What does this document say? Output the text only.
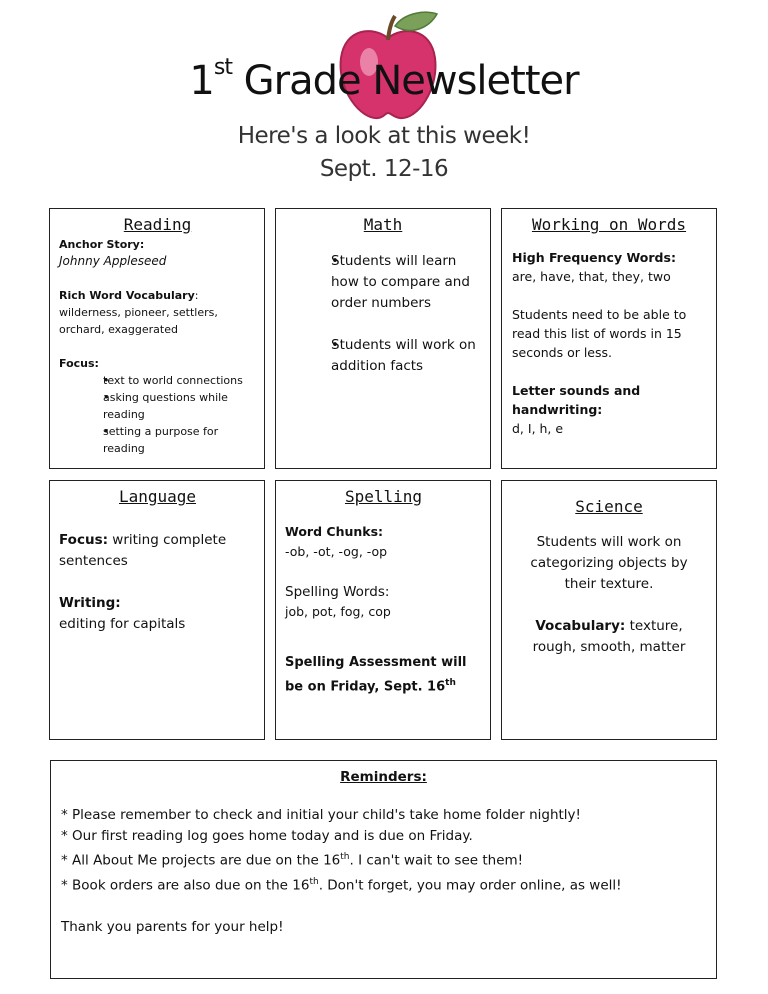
1st Grade Newsletter
Here's a look at this week!
Sept. 12-16
Reading
Anchor Story:
Johnny Appleseed
Rich Word Vocabulary:
wilderness, pioneer, settlers, orchard, exaggerated
Focus:
• text to world connections
• asking questions while reading
• setting a purpose for reading
Math
• Students will learn how to compare and order numbers
• Students will work on addition facts
Working on Words
High Frequency Words:
are, have, that, they, two
Students need to be able to read this list of words in 15 seconds or less.
Letter sounds and handwriting:
d, I, h, e
Language
Focus: writing complete sentences
Writing:
editing for capitals
Spelling
Word Chunks:
-ob, -ot, -og, -op
Spelling Words:
job, pot, fog, cop
Spelling Assessment will be on Friday, Sept. 16th
Science
Students will work on categorizing objects by their texture.
Vocabulary: texture, rough, smooth, matter
Reminders:
* Please remember to check and initial your child's take home folder nightly!
* Our first reading log goes home today and is due on Friday.
* All About Me projects are due on the 16th. I can't wait to see them!
* Book orders are also due on the 16th. Don't forget, you may order online, as well!
Thank you parents for your help!
